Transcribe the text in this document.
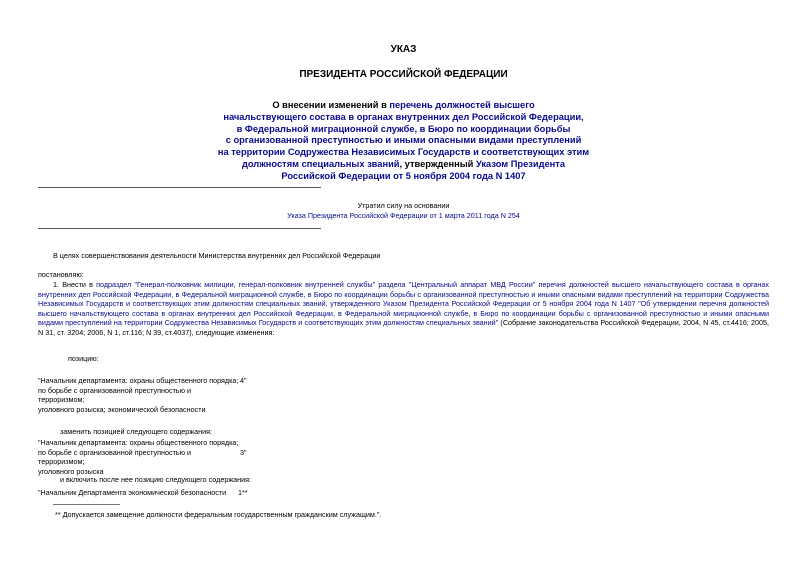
УКАЗ
ПРЕЗИДЕНТА РОССИЙСКОЙ ФЕДЕРАЦИИ
О внесении изменений в перечень должностей высшего
начальствующего состава в органах внутренних дел Российской Федерации,
в Федеральной миграционной службе, в Бюро по координации борьбы
с организованной преступностью и иными опасными видами преступлений
на территории Содружества Независимых Государств и соответствующих этим
должностям специальных званий, утвержденный Указом Президента
Российской Федерации от 5 ноября 2004 года N 1407
Утратил силу на основании
Указа Президента Российской Федерации от 1 марта 2011 года N 254
В целях совершенствования деятельности Министерства внутренних дел Российской Федерации
постановляю:
1. Внести в подраздел "Генерал-полковник милиции, генерал-полковник внутренней службы" раздела "Центральный аппарат МВД России" перечня должностей высшего начальствующего состава в органах внутренних дел Российской Федерации, в Федеральной миграционной службе, в Бюро по координации борьбы с организованной преступностью и иными опасными видами преступлений на территории Содружества Независимых Государств и соответствующих этим должностям специальных званий, утвержденного Указом Президента Российской Федерации от 5 ноября 2004 года N 1407 "Об утверждении перечня должностей высшего начальствующего состава в органах внутренних дел Российской Федерации, в Федеральной миграционной службе, в Бюро по координации борьбы с организованной преступностью и иными опасными видами преступлений на территории Содружества Независимых Государств и соответствующих этим должностям специальных званий" (Собрание законодательства Российской Федерации, 2004, N 45, ст.4416; 2005, N 31, ст. 3204; 2006, N 1, ст.116; N 39, ст.4037), следующие изменения:
позицию:
"Начальник департамента: охраны общественного порядка;
по борьбе с организованной преступностью и
терроризмом;
уголовного розыска; экономической безопасности
4"
заменить позицией следующего содержания:
"Начальник департамента: охраны общественного порядка;
по борьбе с организованной преступностью и
терроризмом;
уголовного розыска
3"
и включить после нее позицию следующего содержания:
"Начальник Департамента экономической безопасности 1**
** Допускается замещение должности федеральным государственным гражданским служащим.".
